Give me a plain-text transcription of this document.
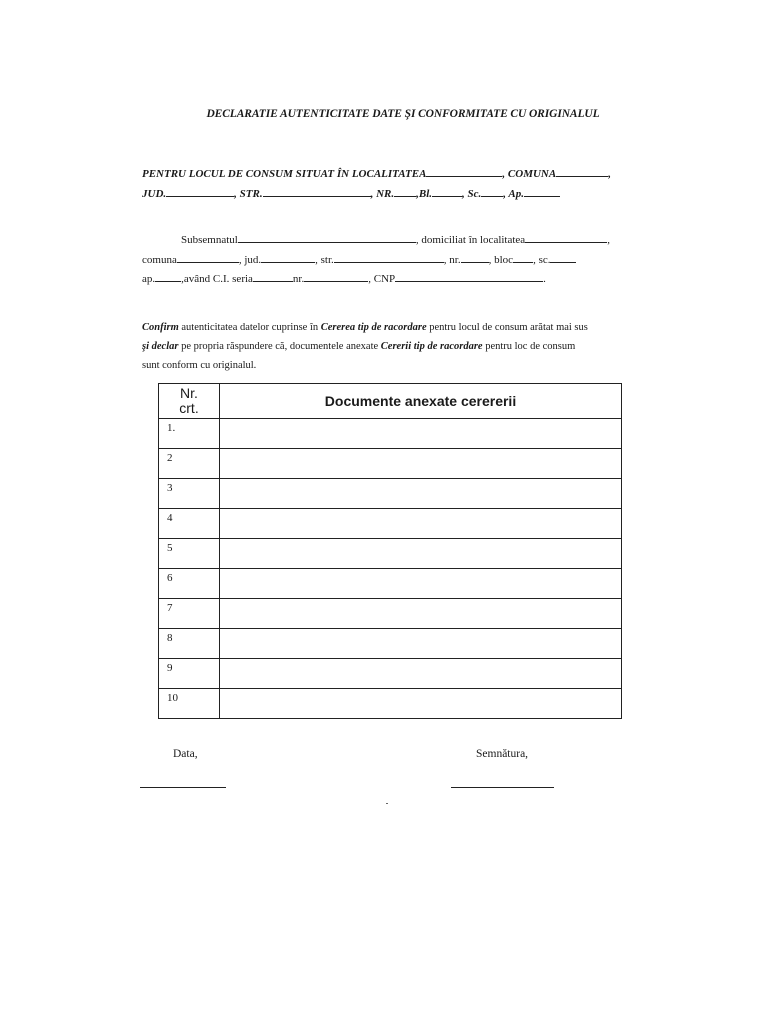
DECLARATIE AUTENTICITATE DATE ŞI CONFORMITATE CU ORIGINALUL
PENTRU LOCUL DE CONSUM SITUAT ÎN LOCALITATEA	, COMUNA	,
JUD.	, STR.	, NR. ,Bl.	, Sc. , Ap.
Subsemnatul	, domiciliat în localitatea	,
comuna	, jud.	, str.	, nr.	, bloc , sc.
ap. ,având C.I. seria	nr.	, CNP	.
Confirm autenticitatea datelor cuprinse în Cererea tip de racordare pentru locul de consum arătat mai sus
şi declar pe propria răspundere că, documentele anexate Cererii tip de racordare pentru loc de consum
sunt conform cu originalul.
Nr.
crt.	Documente anexate cerererii
1.	
2	
3	
4	
5	
6	
7	
8	
9	
10	
Data,	Semnătura,
